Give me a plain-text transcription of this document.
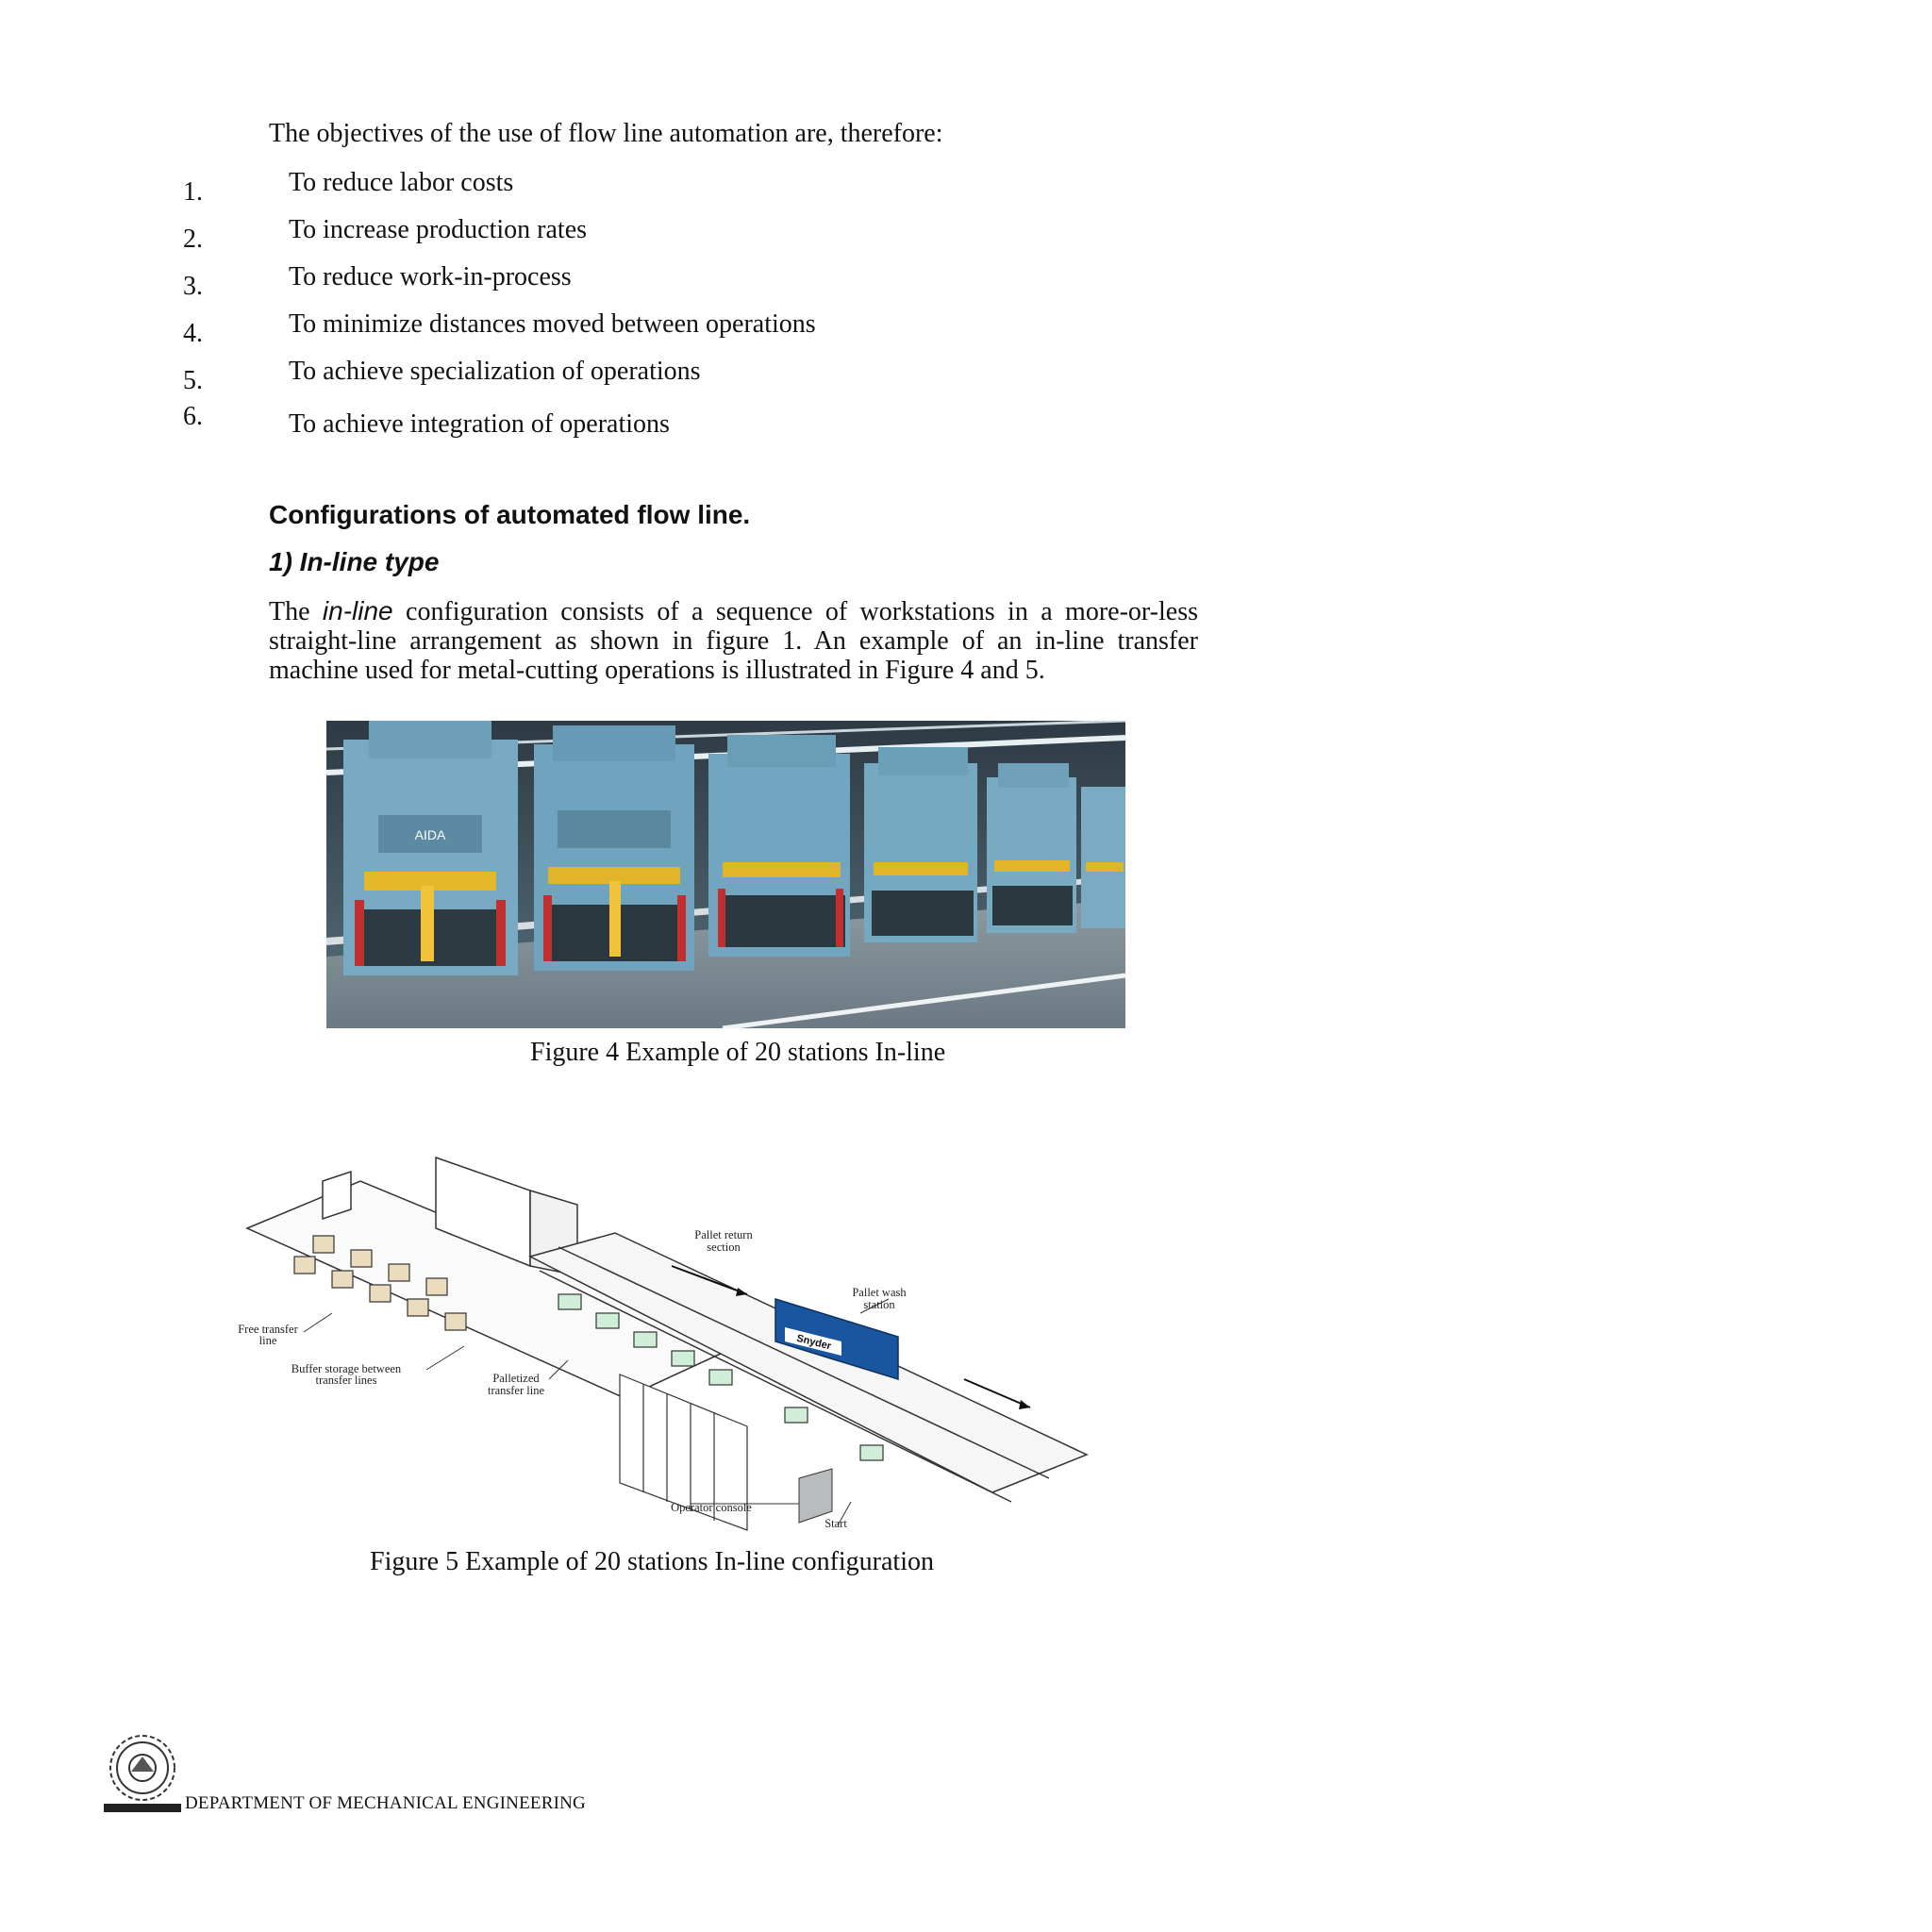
The objectives of the use of flow line automation are, therefore:
1.	To reduce labor costs
2.	To increase production rates
3.	To reduce work-in-process
4.	To minimize distances moved between operations
5.	To achieve specialization of operations
6.	To achieve integration of operations
Configurations of automated flow line.
1) In-line type
The in-line configuration consists of a sequence of workstations in a more-or-less straight-line arrangement as shown in figure 1. An example of an in-line transfer machine used for metal-cutting operations is illustrated in Figure 4 and 5.
AIDA
Figure 4 Example of 20 stations In-line
Snyder
Pallet return
section
Pallet wash
station
Free transfer
line
Buffer storage between
transfer lines	Palletized
transfer line
Operator console
Start
Figure 5 Example of 20 stations In-line configuration
DEPARTMENT OF MECHANICAL ENGINEERING
